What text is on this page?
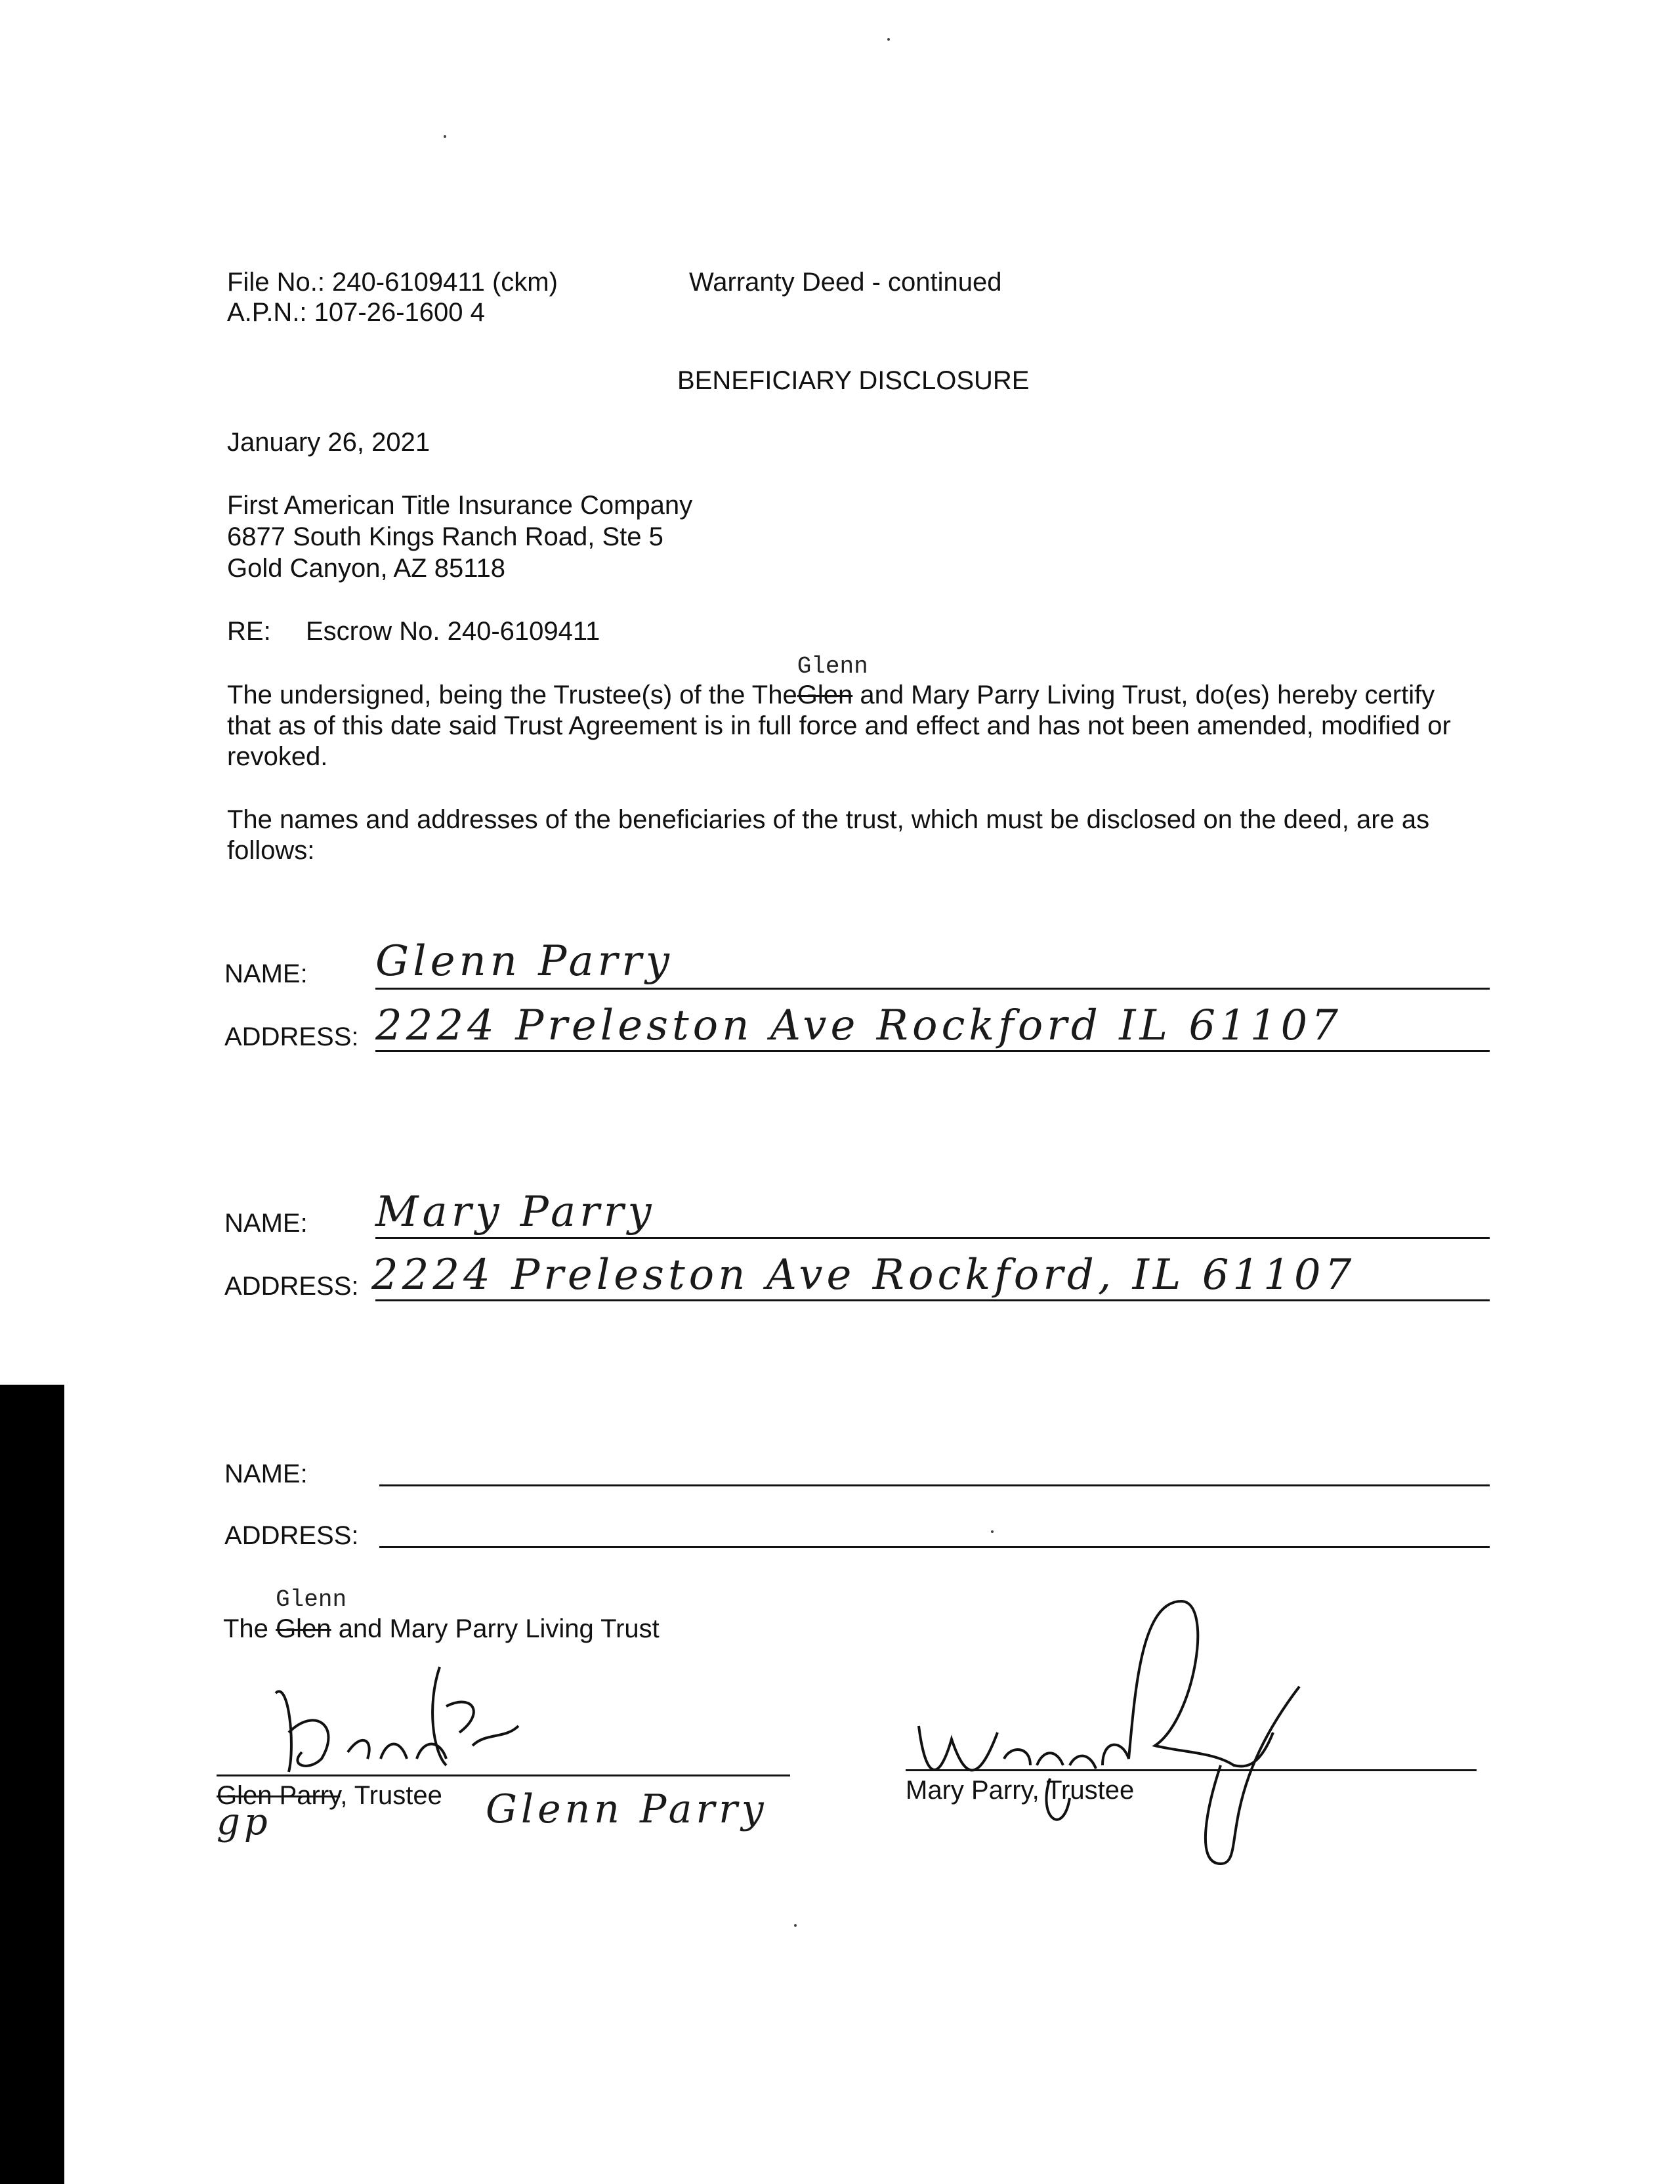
File No.: 240-6109411 (ckm)
A.P.N.: 107-26-1600 4
Warranty Deed - continued
BENEFICIARY DISCLOSURE
January 26, 2021
First American Title Insurance Company
6877 South Kings Ranch Road, Ste 5
Gold Canyon, AZ 85118
RE: Escrow No. 240-6109411
The undersigned, being the Trustee(s) of the The
Glenn
Glen and Mary Parry Living Trust, do(es) hereby certify that as of this date said Trust Agreement is in full force and effect and has not been amended, modified or revoked.
The names and addresses of the beneficiaries of the trust, which must be disclosed on the deed, are as follows:
NAME: Glenn Parry
ADDRESS: 2224 Preleston Ave Rockford IL 61107
NAME: Mary Parry
ADDRESS: 2224 Preleston Ave Rockford, IL 61107
NAME:
ADDRESS:
The
Glenn
Glen and Mary Parry Living Trust
Glen Parry, Trustee
gp	Glenn Parry	Mary Parry, Trustee
